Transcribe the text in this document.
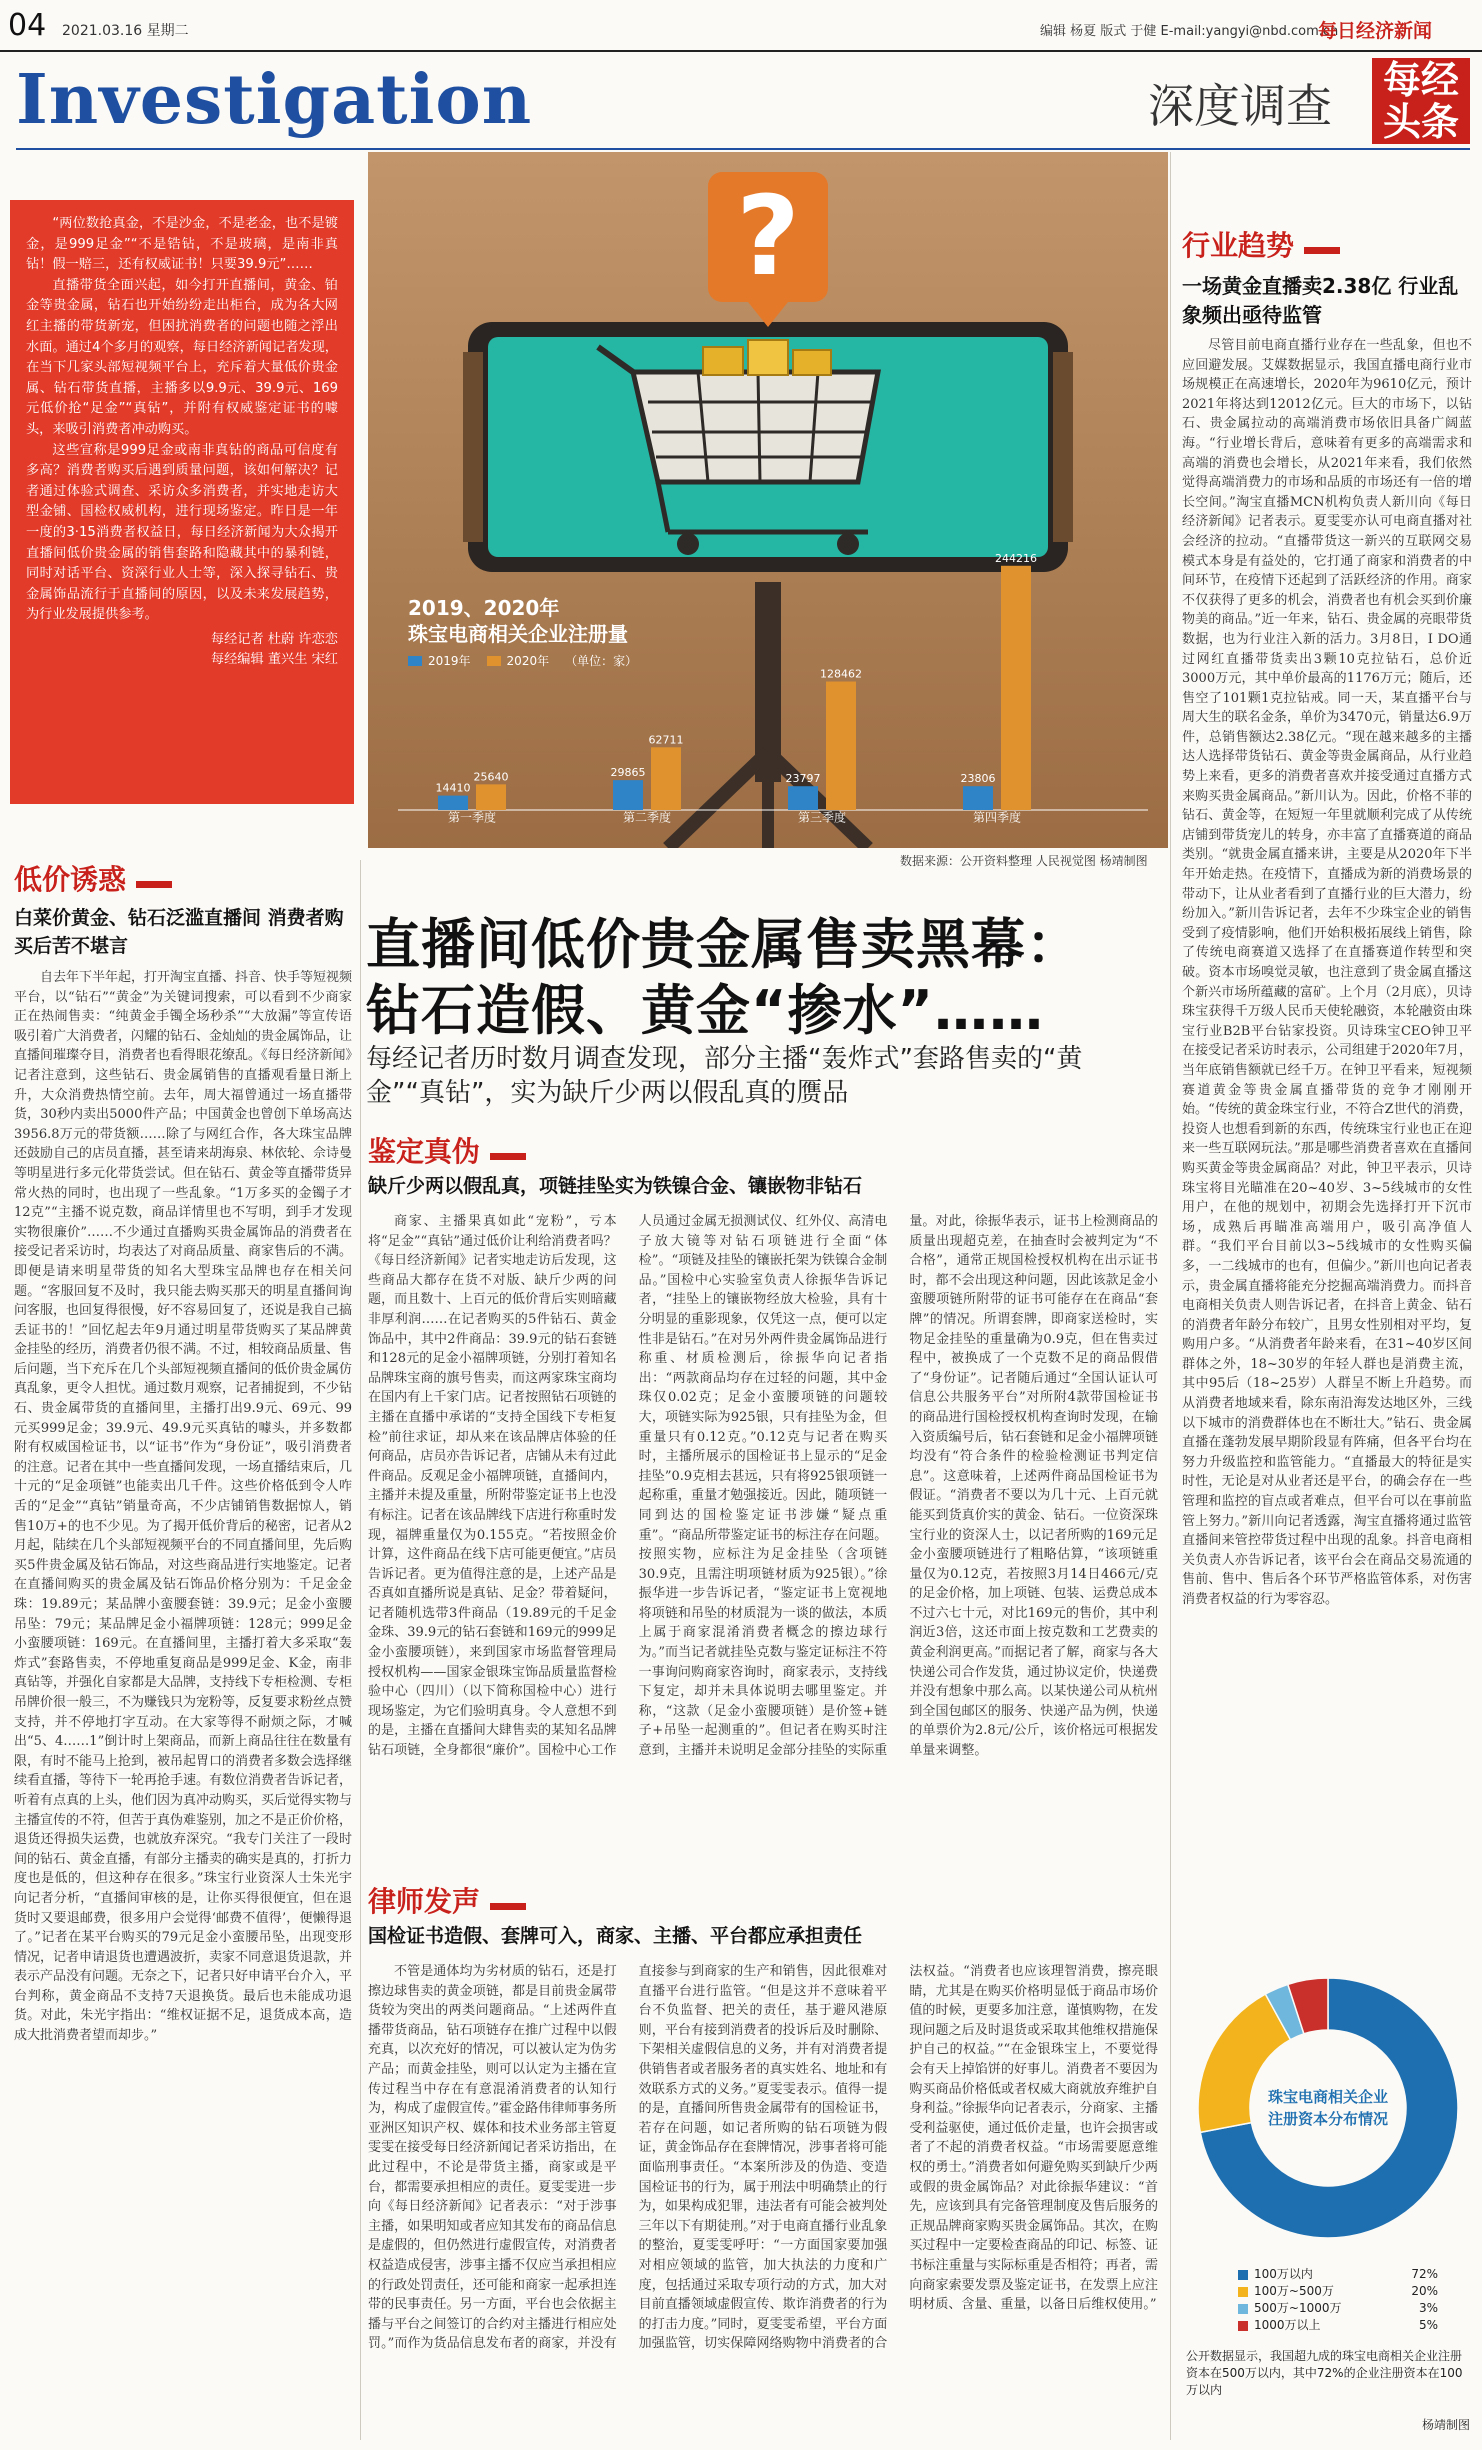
04 2021.03.16 星期二	编辑 杨夏 版式 于健 E-mail:yangyi@nbd.com.cn
每日经济新闻
Investigation	深度调查 每经头条
“两位数抢真金，不是沙金，不是老金，也不是镀金，是999足金”“不是锆钻，不是玻璃，是南非真钻！假一赔三，还有权威证书！只要39.9元”……
直播带货全面兴起，如今打开直播间，黄金、铂金等贵金属，钻石也开始纷纷走出柜台，成为各大网红主播的带货新宠，但困扰消费者的问题也随之浮出水面。通过4个多月的观察，每日经济新闻记者发现，在当下几家头部短视频平台上，充斥着大量低价贵金属、钻石带货直播，主播多以9.9元、39.9元、169元低价抢“足金”“真钻”，并附有权威鉴定证书的噱头，来吸引消费者冲动购买。
这些宣称是999足金或南非真钻的商品可信度有多高？消费者购买后遇到质量问题，该如何解决？记者通过体验式调查、采访众多消费者，并实地走访大型金铺、国检权威机构，进行现场鉴定。昨日是一年一度的3·15消费者权益日，每日经济新闻为大众揭开直播间低价贵金属的销售套路和隐藏其中的暴利链，同时对话平台、资深行业人士等，深入探寻钻石、贵金属饰品流行于直播间的原因，以及未来发展趋势，为行业发展提供参考。
每经记者 杜蔚 许恋恋
每经编辑 董兴生 宋红
?
2019、2020年
珠宝电商相关企业注册量
2019年	2020年 （单位：家）
14410
25640
第一季度
29865
62711
第二季度
23797
128462
第三季度
23806
244216
第四季度
数据来源：公开资料整理 人民视觉图 杨靖制图
直播间低价贵金属售卖黑幕：
钻石造假、黄金“掺水”……
每经记者历时数月调查发现，部分主播“轰炸式”套路售卖的“黄金”“真钻”，实为缺斤少两以假乱真的赝品
低价诱惑
白菜价黄金、钻石泛滥直播间 消费者购买后苦不堪言

自去年下半年起，打开淘宝直播、抖音、快手等短视频平台，以“钻石”“黄金”为关键词搜索，可以看到不少商家正在热闹售卖：“纯黄金手镯全场秒杀”“大放漏”等宣传语吸引着广大消费者，闪耀的钻石、金灿灿的贵金属饰品，让直播间璀璨夺目，消费者也看得眼花缭乱。《每日经济新闻》记者注意到，这些钻石、贵金属销售的直播观看量日渐上升，大众消费热情空前。去年，周大福曾通过一场直播带货，30秒内卖出5000件产品；中国黄金也曾创下单场高达3956.8万元的带货额……除了与网红合作，各大珠宝品牌还鼓励自己的店员直播，甚至请来胡海泉、林依轮、佘诗曼等明星进行多元化带货尝试。但在钻石、黄金等直播带货异常火热的同时，也出现了一些乱象。“1万多买的金镯子才12克”“主播不说克数，商品详情里也不写明，到手才发现实物很廉价”……不少通过直播购买贵金属饰品的消费者在接受记者采访时，均表达了对商品质量、商家售后的不满。即便是请来明星带货的知名大型珠宝品牌也存在相关问题。“客服回复不及时，我只能去购买那天的明星直播间询问客服，也回复得很慢，好不容易回复了，还说是我自己搞丢证书的！”回忆起去年9月通过明星带货购买了某品牌黄金挂坠的经历，消费者仍很不满。不过，相较商品质量、售后问题，当下充斥在几个头部短视频直播间的低价贵金属仿真乱象，更令人担忧。通过数月观察，记者捕捉到，不少钻石、贵金属带货的直播间里，主播打出9.9元、69元、99元买999足金；39.9元、49.9元买真钻的噱头，并多数都附有权威国检证书，以“证书”作为“身份证”，吸引消费者的注意。记者在其中一些直播间发现，一场直播结束后，几十元的“足金项链”也能卖出几千件。这些价格低到令人咋舌的“足金”“真钻”销量奇高，不少店铺销售数据惊人，销售10万+的也不少见。为了揭开低价背后的秘密，记者从2月起，陆续在几个头部短视频平台的不同直播间里，先后购买5件贵金属及钻石饰品，对这些商品进行实地鉴定。记者在直播间购买的贵金属及钻石饰品价格分别为：千足金金珠：19.89元；某品牌小蛮腰套链：39.9元；足金小蛮腰吊坠：79元；某品牌足金小福牌项链：128元；999足金小蛮腰项链：169元。在直播间里，主播打着大多采取“轰炸式”套路售卖，不停地重复商品是999足金、K金，南非真钻等，并强化自家都是大品牌，支持线下专柜检测、专柜吊牌价很一般三，不为赚钱只为宠粉等，反复要求粉丝点赞支持，并不停地打字互动。在大家等得不耐烦之际，才喊出“5、4……1”倒计时上架商品，而新上商品往往在数量有限，有时不能马上抢到，被吊起胃口的消费者多数会选择继续看直播，等待下一轮再抢手速。有数位消费者告诉记者，听着有点真的上头，他们因为真冲动购买，买后觉得实物与主播宣传的不符，但苦于真伪难鉴别，加之不是正价价格，退货还得损失运费，也就放弃深究。“我专门关注了一段时间的钻石、黄金直播，有部分主播卖的确实是真的，打折力度也是低的，但这种存在很多。”珠宝行业资深人士朱光宇向记者分析，“直播间审核的是，让你买得很便宜，但在退货时又要退邮费，很多用户会觉得‘邮费不值得’，便懒得退了。”记者在某平台购买的79元足金小蛮腰吊坠，出现变形情况，记者申请退货也遭遇波折，卖家不同意退货退款，并表示产品没有问题。无奈之下，记者只好申请平台介入，平台判称，黄金商品不支持7天退换货。最后也未能成功退货。对此，朱光宇指出：“维权证据不足，退货成本高，造成大批消费者望而却步。”

鉴定真伪
缺斤少两以假乱真，项链挂坠实为铁镍合金、镶嵌物非钻石

商家、主播果真如此“宠粉”，亏本将“足金”“真钻”通过低价让利给消费者吗？《每日经济新闻》记者实地走访后发现，这些商品大都存在货不对版、缺斤少两的问题，而且数十、上百元的低价背后实则暗藏非厚利润……在记者购买的5件钻石、黄金饰品中，其中2件商品：39.9元的钻石套链和128元的足金小福牌项链，分别打着知名品牌珠宝商的旗号售卖，而这两家珠宝商均在国内有上千家门店。记者按照钻石项链的主播在直播中承诺的“支持全国线下专柜复检”前往求证，却从来在该品牌店体验的任何商品，店员亦告诉记者，店铺从未有过此件商品。反观足金小福牌项链，直播间内，主播并未提及重量，所附带鉴定证书上也没有标注。记者在该品牌线下店进行称重时发现，福牌重量仅为0.155克。“若按照金价计算，这件商品在线下店可能更便宜。”店员告诉记者。更为值得注意的是，上述产品是否真如直播所说是真钻、足金？带着疑问，记者随机选带3件商品（19.89元的千足金金珠、39.9元的钻石套链和169元的999足金小蛮腰项链），来到国家市场监督管理局授权机构——国家金银珠宝饰品质量监督检验中心（四川）（以下简称国检中心）进行现场鉴定，为它们验明真身。令人意想不到的是，主播在直播间大肆售卖的某知名品牌钻石项链，全身都很“廉价”。国检中心工作人员通过金属无损测试仪、红外仪、高清电子放大镜等对钻石项链进行全面“体检”。“项链及挂坠的镶嵌托架为铁镍合金制品。”国检中心实验室负责人徐振华告诉记者，“挂坠上的镶嵌物经放大检验，具有十分明显的重影现象，仅凭这一点，便可以定性非是钻石。”在对另外两件贵金属饰品进行称重、材质检测后，徐振华向记者指出：“两款商品均存在过轻的问题，其中金珠仅0.02克；足金小蛮腰项链的问题较大，项链实际为925银，只有挂坠为金，但重量只有0.12克。”0.12克与记者在购买时，主播所展示的国检证书上显示的“足金挂坠”0.9克相去甚远，只有将925银项链一起称重，重量才勉强接近。因此，随项链一同到达的国检鉴定证书涉嫌“疑点重重”。“商品所带鉴定证书的标注存在问题。按照实物，应标注为足金挂坠（含项链30.9克，且需注明项链材质为925银）。”徐振华进一步告诉记者，“鉴定证书上宽视地将项链和吊坠的材质混为一谈的做法，本质上属于商家混淆消费者概念的擦边球行为。”而当记者就挂坠克数与鉴定证标注不符一事询问购商家咨询时，商家表示，支持线下复定，却并未具体说明去哪里鉴定。并称，“这款（足金小蛮腰项链）是价签+链子+吊坠一起测重的”。但记者在购买时注意到，主播并未说明足金部分挂坠的实际重量。对此，徐振华表示，证书上检测商品的质量出现超克差，在抽查时会被判定为“不合格”，通常正规国检授权机构在出示证书时，都不会出现这种问题，因此该款足金小蛮腰项链所附带的证书可能存在在商品“套牌”的情况。所谓套牌，即商家送检时，实物足金挂坠的重量确为0.9克，但在售卖过程中，被换成了一个克数不足的商品假借了“身份证”。记者随后通过“全国认证认可信息公共服务平台”对所附4款带国检证书的商品进行国检授权机构查询时发现，在输入资质编号后，钻石套链和足金小福牌项链均没有“符合条件的检验检测证书判定信息”。这意味着，上述两件商品国检证书为假证。“消费者不要以为几十元、上百元就能买到货真价实的黄金、钻石。一位资深珠宝行业的资深人士，以记者所购的169元足金小蛮腰项链进行了粗略估算，“该项链重量仅为0.12克，若按照3月14日466元/克的足金价格，加上项链、包装、运费总成本不过六七十元，对比169元的售价，其中利润近3倍，这还市面上按克数和工艺费卖的黄金利润更高。”而据记者了解，商家与各大快递公司合作发货，通过协议定价，快递费并没有想象中那么高。以某快递公司从杭州到全国包邮区的服务、快递产品为例，快递的单票价为2.8元/公斤，该价格远可根据发单量来调整。

律师发声
国检证书造假、套牌可入，商家、主播、平台都应承担责任

不管是通体均为劣材质的钻石，还是打擦边球售卖的黄金项链，都是目前贵金属带货较为突出的两类问题商品。“上述两件直播带货商品，钻石项链存在推广过程中以假充真，以次充好的情况，可以被认定为伪劣产品；而黄金挂坠，则可以认定为主播在宣传过程当中存在有意混淆消费者的认知行为，构成了虚假宣传。”霍金路伟律师事务所亚洲区知识产权、媒体和技术业务部主管夏雯雯在接受每日经济新闻记者采访指出，在此过程中，不论是带货主播，商家或是平台，都需要承担相应的责任。夏雯雯进一步向《每日经济新闻》记者表示：“对于涉事主播，如果明知或者应知其发布的商品信息是虚假的，但仍然进行虚假宣传，对消费者权益造成侵害，涉事主播不仅应当承担相应的行政处罚责任，还可能和商家一起承担连带的民事责任。另一方面，平台也会依据主播与平台之间签订的合约对主播进行相应处罚。”而作为货品信息发布者的商家，并没有直接参与到商家的生产和销售，因此很难对直播平台进行监管。“但是这并不意味着平台不负监督、把关的责任，基于避风港原则，平台有接到消费者的投诉后及时删除、下架相关虚假信息的义务，并有对消费者提供销售者或者服务者的真实姓名、地址和有效联系方式的义务。”夏雯雯表示。值得一提的是，直播间所售贵金属带有的国检证书，若存在问题，如记者所购的钻石项链为假证，黄金饰品存在套牌情况，涉事者将可能面临刑事责任。“本案所涉及的伪造、变造国检证书的行为，属于刑法中明确禁止的行为，如果构成犯罪，违法者有可能会被判处三年以下有期徒刑。”对于电商直播行业乱象的整治，夏雯雯呼吁：“一方面国家要加强对相应领域的监管，加大执法的力度和广度，包括通过采取专项行动的方式，加大对目前直播领域虚假宣传、欺诈消费者的行为的打击力度。”同时，夏雯雯希望，平台方面加强监管，切实保障网络购物中消费者的合法权益。“消费者也应该理智消费，擦亮眼睛，尤其是在购买价格明显低于商品市场价值的时候，更要多加注意，谨慎购物，在发现问题之后及时退货或采取其他维权措施保护自己的权益。”“在金银珠宝上，不要觉得会有天上掉馅饼的好事儿。消费者不要因为购买商品价格低或者权威大商就放弃维护自身利益。”徐振华向记者表示，分商家、主播受利益驱使，通过低价走量，也许会损害或者了不起的消费者权益。“市场需要愿意维权的勇士。”消费者如何避免购买到缺斤少两或假的贵金属饰品？对此徐振华建议：“首先，应该到具有完备管理制度及售后服务的正规品牌商家购买贵金属饰品。其次，在购买过程中一定要检查商品的印记、标签、证书标注重量与实际标重是否相符；再者，需向商家索要发票及鉴定证书，在发票上应注明材质、含量、重量，以备日后维权使用。”

行业趋势
一场黄金直播卖2.38亿 行业乱象频出亟待监管

尽管目前电商直播行业存在一些乱象，但也不应回避发展。艾媒数据显示，我国直播电商行业市场规模正在高速增长，2020年为9610亿元，预计2021年将达到12012亿元。巨大的市场下，以钻石、贵金属拉动的高端消费市场依旧具备广阔蓝海。“行业增长背后，意味着有更多的高端需求和高端的消费也会增长，从2021年来看，我们依然觉得高端消费力的市场和品质的市场还有一倍的增长空间。”淘宝直播MCN机构负责人新川向《每日经济新闻》记者表示。夏雯雯亦认可电商直播对社会经济的拉动。“直播带货这一新兴的互联网交易模式本身是有益处的，它打通了商家和消费者的中间环节，在疫情下还起到了活跃经济的作用。商家不仅获得了更多的机会，消费者也有机会买到价廉物美的商品。”近一年来，钻石、贵金属的亮眼带货数据，也为行业注入新的活力。3月8日，I DO通过网红直播带货卖出3颗10克拉钻石，总价近3000万元，其中单价最高的1176万元；随后，还售空了101颗1克拉钻戒。同一天，某直播平台与周大生的联名金条，单价为3470元，销量达6.9万件，总销售额达2.38亿元。“现在越来越多的主播达人选择带货钻石、黄金等贵金属商品，从行业趋势上来看，更多的消费者喜欢并接受通过直播方式来购买贵金属商品。”新川认为。因此，价格不菲的钻石、黄金等，在短短一年里就顺利完成了从传统店铺到带货宠儿的转身，亦丰富了直播赛道的商品类别。“就贵金属直播来讲，主要是从2020年下半年开始走热。在疫情下，直播成为新的消费场景的带动下，让从业者看到了直播行业的巨大潜力，纷纷加入。”新川告诉记者，去年不少珠宝企业的销售受到了疫情影响，他们开始积极拓展线上销售，除了传统电商赛道又选择了在直播赛道作转型和突破。资本市场嗅觉灵敏，也注意到了贵金属直播这个新兴市场所蕴藏的富矿。上个月（2月底），贝诗珠宝获得千万级人民币天使轮融资，本轮融资由珠宝行业B2B平台钻家投资。贝诗珠宝CEO钟卫平在接受记者采访时表示，公司组建于2020年7月，当年底销售额就已经千万。在钟卫平看来，短视频赛道黄金等贵金属直播带货的竞争才刚刚开始。“传统的黄金珠宝行业，不符合Z世代的消费，投资人也想看到新的东西，传统珠宝行业也正在迎来一些互联网玩法。”那是哪些消费者喜欢在直播间购买黄金等贵金属商品？对此，钟卫平表示，贝诗珠宝将目光瞄准在20~40岁、3~5线城市的女性用户，在他的规划中，初期会先选择打开下沉市场，成熟后再瞄准高端用户，吸引高净值人群。“我们平台目前以3~5线城市的女性购买偏多，一二线城市的也有，但偏少。”新川也向记者表示，贵金属直播将能充分挖掘高端消费力。而抖音电商相关负责人则告诉记者，在抖音上黄金、钻石的消费者年龄分布较广，且男女性别相对平均，复购用户多。“从消费者年龄来看，在31~40岁区间群体之外，18~30岁的年轻人群也是消费主流，其中95后（18~25岁）人群呈不断上升趋势。而从消费者地域来看，除东南沿海发达地区外，三线以下城市的消费群体也在不断壮大。”钻石、贵金属直播在蓬勃发展早期阶段显有阵痛，但各平台均在努力升级监控和监管能力。“直播最大的特征是实时性，无论是对从业者还是平台，的确会存在一些管理和监控的盲点或者难点，但平台可以在事前监管上努力。”新川向记者透露，淘宝直播将通过监管直播间来管控带货过程中出现的乱象。抖音电商相关负责人亦告诉记者，该平台会在商品交易流通的售前、售中、售后各个环节严格监管体系，对伤害消费者权益的行为零容忍。

珠宝电商相关企业
注册资本分布情况
100万以内	72%
100万~500万	20%
500万~1000万	3%
1000万以上	5%
公开数据显示，我国超九成的珠宝电商相关企业注册资本在500万以内，其中72%的企业注册资本在100万以内
杨靖制图
